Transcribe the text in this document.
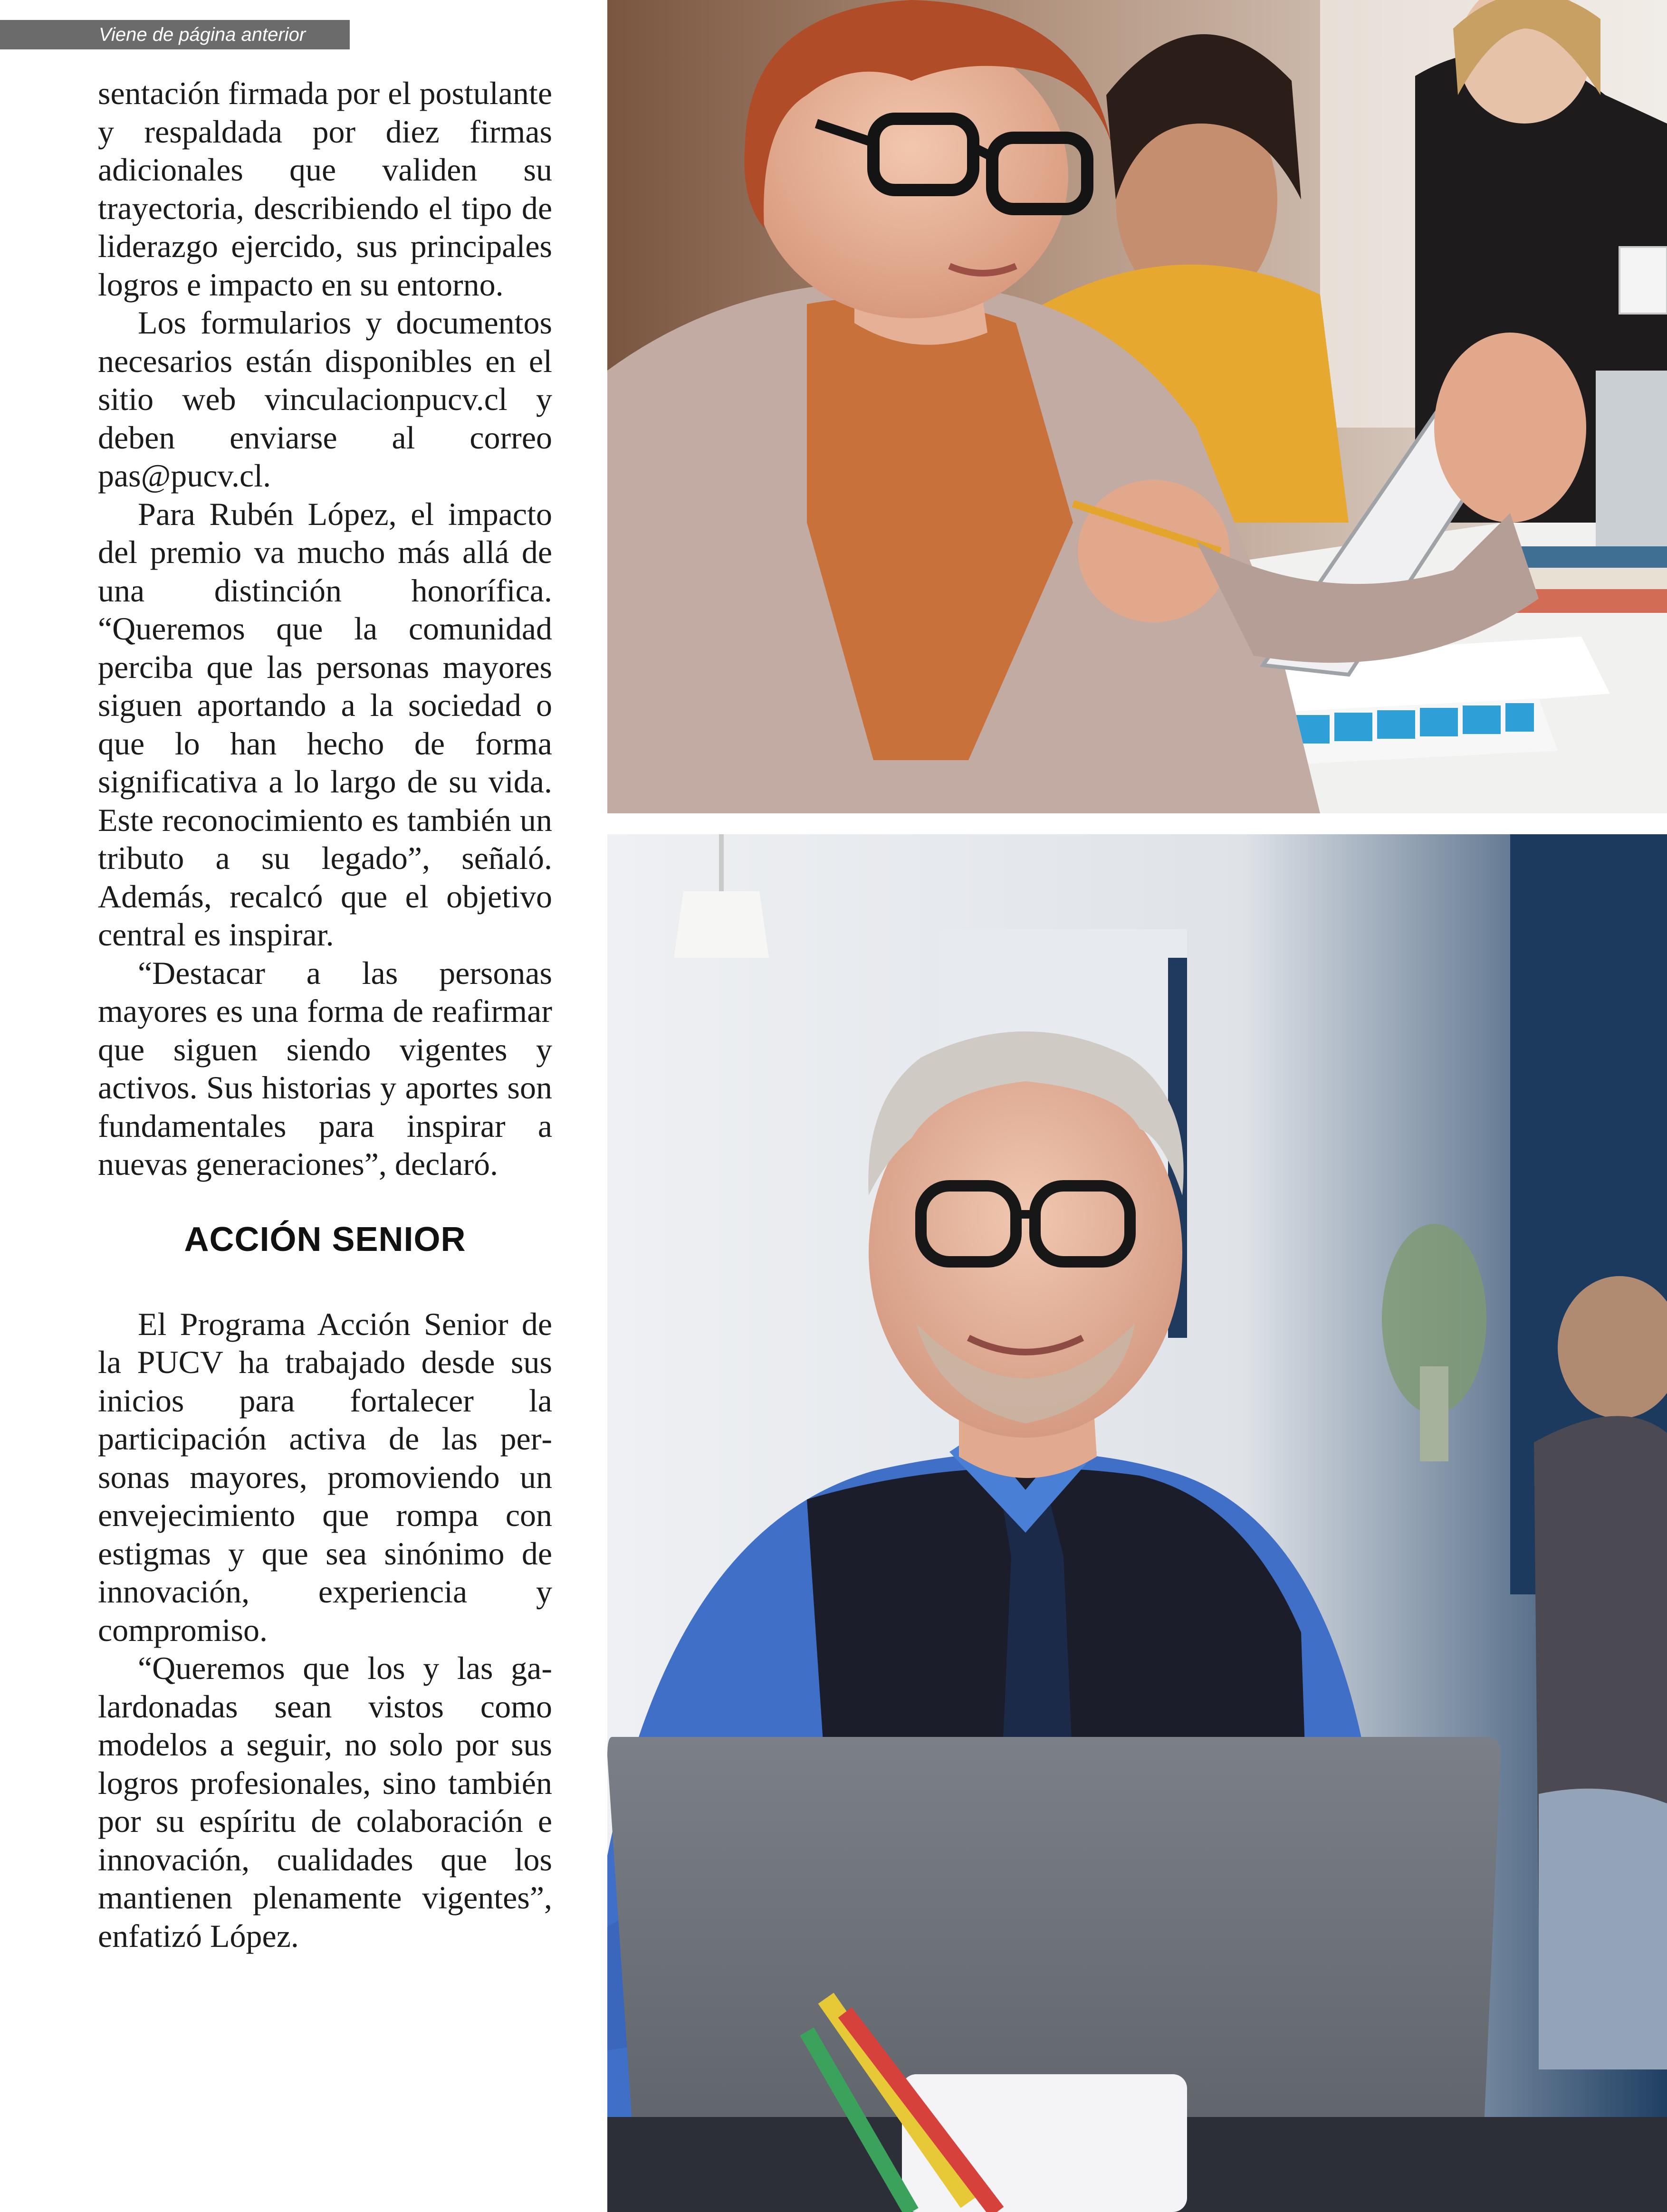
Viene de página anterior

sentación firmada por el postulante y respaldada por diez firmas adicionales que validen su trayectoria, describiendo el tipo de liderazgo ejercido, sus principales logros e impacto en su entorno.

Los formularios y documentos necesarios están disponibles en el sitio web vinculacionpucv.cl y deben enviarse al correo pas@pucv.cl.

Para Rubén López, el impacto del premio va mucho más allá de una distinción honorífica. “Queremos que la comunidad perciba que las personas mayores siguen aportando a la sociedad o que lo han hecho de forma significativa a lo largo de su vida. Este reconocimiento es también un tributo a su legado”, señaló. Además, recalcó que el objetivo central es inspirar.

“Destacar a las personas mayores es una forma de reafirmar que siguen siendo vigentes y activos. Sus historias y aportes son fundamentales para inspirar a nuevas generaciones”, declaró.

ACCIÓN SENIOR

El Programa Acción Senior de la PUCV ha trabajado desde sus inicios para fortalecer la participación activa de las personas mayores, promoviendo un envejecimiento que rompa con estigmas y que sea sinónimo de innovación, experiencia y compromiso.

“Queremos que los y las galardonadas sean vistos como modelos a seguir, no solo por sus logros profesionales, sino también por su espíritu de colaboración e innovación, cualidades que los mantienen plenamente vigentes”, enfatizó López.
